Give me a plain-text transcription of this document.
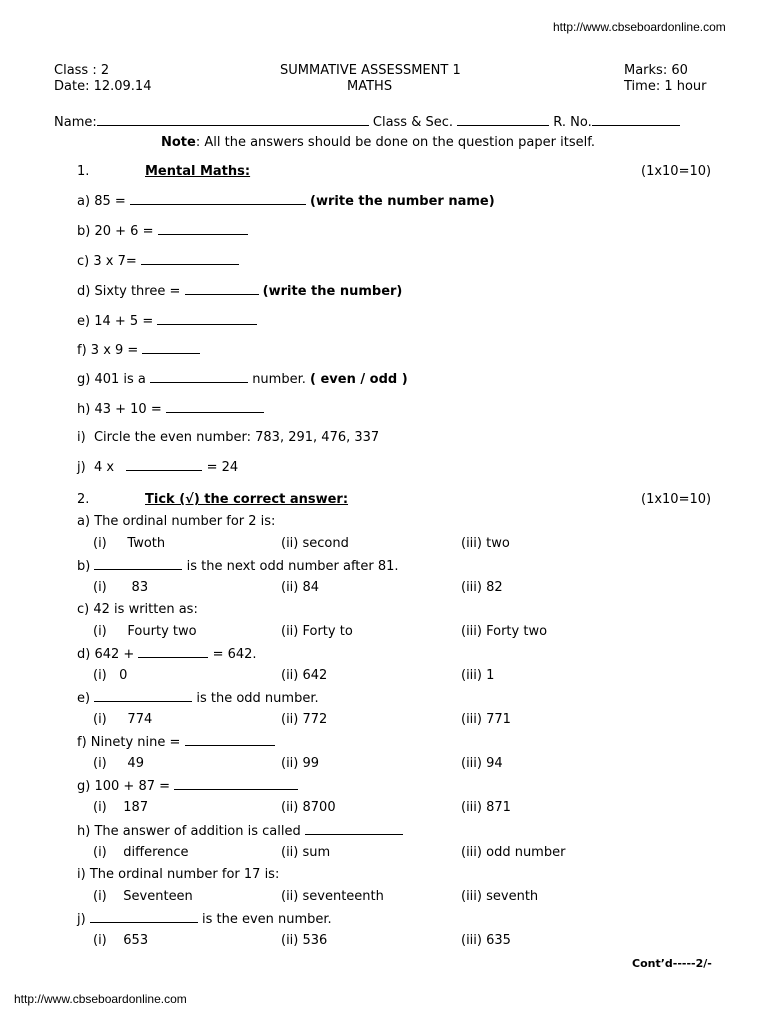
http://www.cbseboardonline.com
Class : 2
Date: 12.09.14
SUMMATIVE ASSESSMENT 1
MATHS
Marks: 60
Time: 1 hour
Name:	Class & Sec.	R. No.
Note: All the answers should be done on the question paper itself.
1.	Mental Maths:	(1x10=10)
a) 85 =	(write the number name)
b) 20 + 6 =
c) 3 x 7=
d) Sixty three =	(write the number)
e) 14 + 5 =
f) 3 x 9 =
g) 401 is a	number. ( even / odd )
h) 43 + 10 =
i) Circle the even number: 783, 291, 476, 337
j) 4 x	= 24
2.	Tick (√) the correct answer:	(1x10=10)
a) The ordinal number for 2 is:
(i)     Twoth	(ii) second	(iii) two
b)	is the next odd number after 81.
(i)      83	(ii) 84	(iii) 82
c) 42 is written as:
(i)     Fourty two	(ii) Forty to	(iii) Forty two
d) 642 +	= 642.
(i)   0	(ii) 642	(iii) 1
e)	is the odd number.
(i)     774	(ii) 772	(iii) 771
f) Ninety nine =
(i)     49	(ii) 99	(iii) 94
g) 100 + 87 =
(i)    187	(ii) 8700	(iii) 871
h) The answer of addition is called
(i)    difference	(ii) sum	(iii) odd number
i) The ordinal number for 17 is:
(i)    Seventeen	(ii) seventeenth	(iii) seventh
j)	is the even number.
(i)    653	(ii) 536	(iii) 635
Cont’d-----2/-
http://www.cbseboardonline.com
